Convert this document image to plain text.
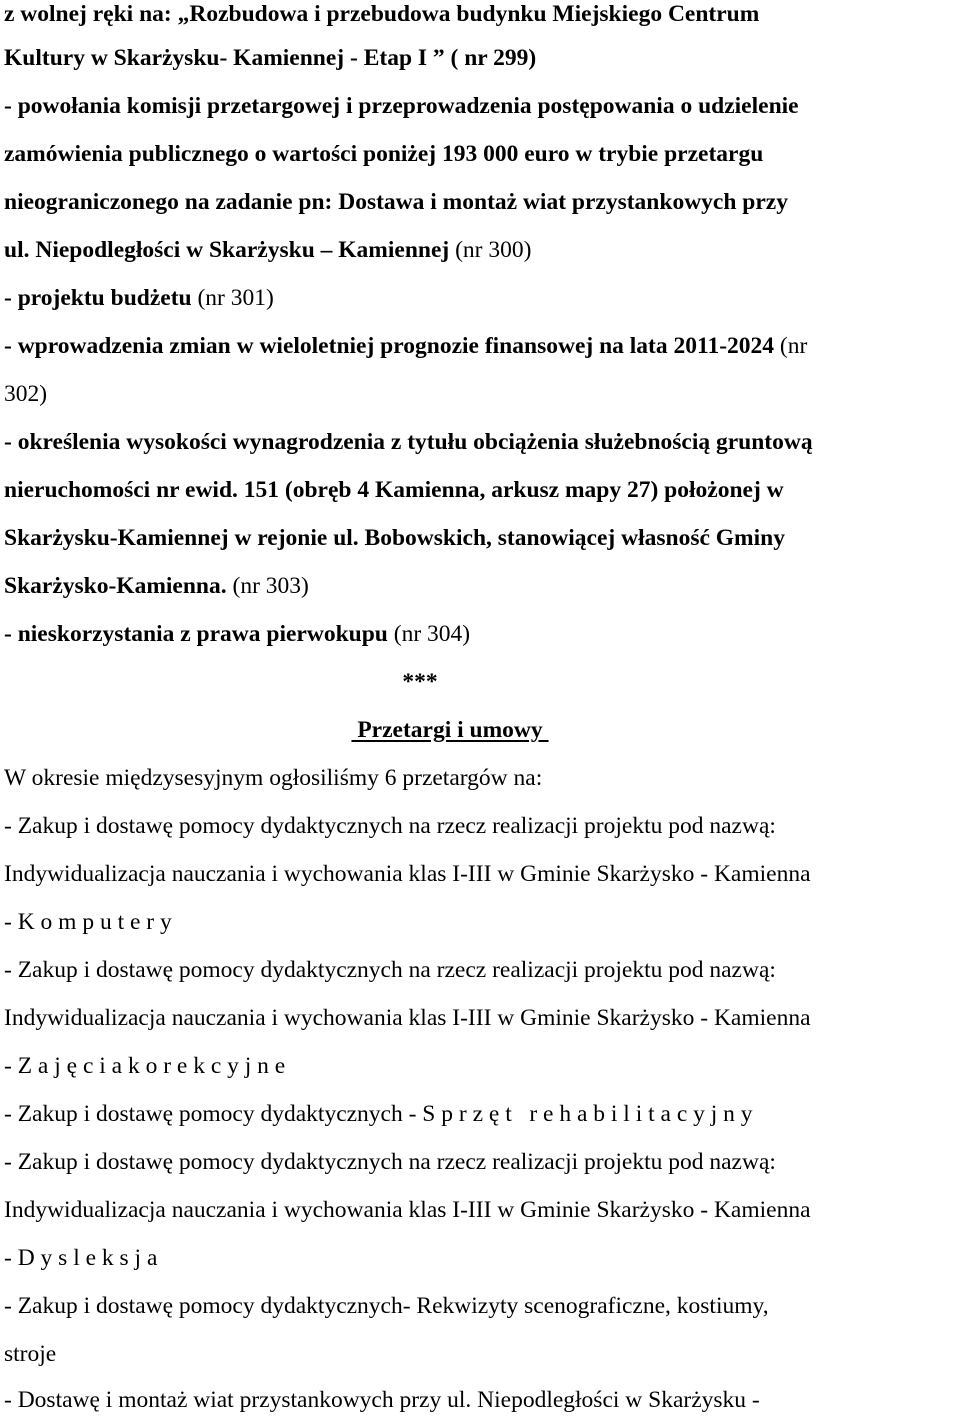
z wolnej ręki na: „Rozbudowa i przebudowa budynku Miejskiego Centrum
Kultury w Skarżysku- Kamiennej - Etap I ” ( nr 299)
- powołania komisji przetargowej i przeprowadzenia postępowania o udzielenie
zamówienia publicznego o wartości poniżej 193 000 euro w trybie przetargu
nieograniczonego na zadanie pn: Dostawa i montaż wiat przystankowych przy
ul. Niepodległości w Skarżysku – Kamiennej (nr 300)
- projektu budżetu (nr 301)
- wprowadzenia zmian w wieloletniej prognozie finansowej na lata 2011-2024 (nr
302)
- określenia wysokości wynagrodzenia z tytułu obciążenia służebnością gruntową
nieruchomości nr ewid. 151 (obręb 4 Kamienna, arkusz mapy 27) położonej w
Skarżysku-Kamiennej w rejonie ul. Bobowskich, stanowiącej własność Gminy
Skarżysko-Kamienna. (nr 303)
- nieskorzystania z prawa pierwokupu (nr 304)
***
Przetargi i umowy
W okresie międzysesyjnym ogłosiliśmy 6 przetargów na:
- Zakup i dostawę pomocy dydaktycznych na rzecz realizacji projektu pod nazwą:
Indywidualizacja nauczania i wychowania klas I-III w Gminie Skarżysko - Kamienna
- K o m p u t e r y
- Zakup i dostawę pomocy dydaktycznych na rzecz realizacji projektu pod nazwą:
Indywidualizacja nauczania i wychowania klas I-III w Gminie Skarżysko - Kamienna
- Z a j ę c i a k o r e k c y j n e
- Zakup i dostawę pomocy dydaktycznych - S p r z ę t   r e h a b i l i t a c y j n y
- Zakup i dostawę pomocy dydaktycznych na rzecz realizacji projektu pod nazwą:
Indywidualizacja nauczania i wychowania klas I-III w Gminie Skarżysko - Kamienna
- D y s l e k s j a
- Zakup i dostawę pomocy dydaktycznych- Rekwizyty scenograficzne, kostiumy,
stroje
- Dostawę i montaż wiat przystankowych przy ul. Niepodległości w Skarżysku -
